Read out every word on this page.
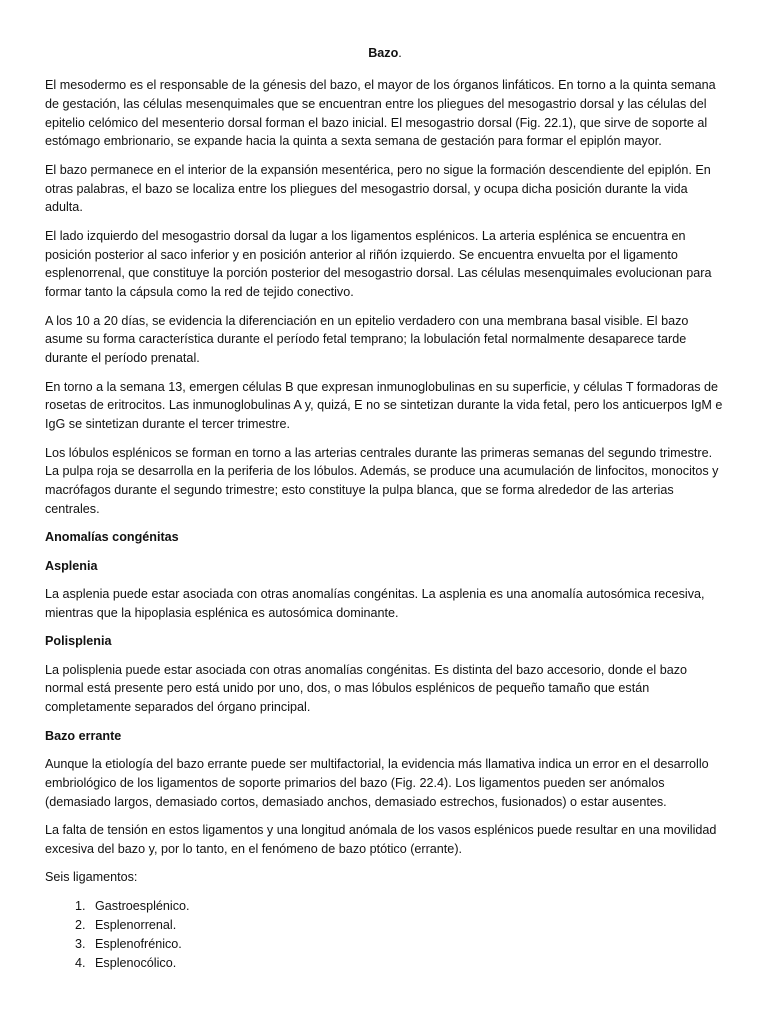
Bazo.

El mesodermo es el responsable de la génesis del bazo, el mayor de los órganos linfáticos. En torno a la quinta semana de gestación, las células mesenquimales que se encuentran entre los pliegues del mesogastrio dorsal y las células del epitelio celómico del mesenterio dorsal forman el bazo inicial. El mesogastrio dorsal (Fig. 22.1), que sirve de soporte al estómago embrionario, se expande hacia la quinta a sexta semana de gestación para formar el epiplón mayor.

El bazo permanece en el interior de la expansión mesentérica, pero no sigue la formación descendiente del epiplón. En otras palabras, el bazo se localiza entre los pliegues del mesogastrio dorsal, y ocupa dicha posición durante la vida adulta.

El lado izquierdo del mesogastrio dorsal da lugar a los ligamentos esplénicos. La arteria esplénica se encuentra en posición posterior al saco inferior y en posición anterior al riñón izquierdo. Se encuentra envuelta por el ligamento esplenorrenal, que constituye la porción posterior del mesogastrio dorsal. Las células mesenquimales evolucionan para formar tanto la cápsula como la red de tejido conectivo.

A los 10 a 20 días, se evidencia la diferenciación en un epitelio verdadero con una membrana basal visible. El bazo asume su forma característica durante el período fetal temprano; la lobulación fetal normalmente desaparece tarde durante el período prenatal.

En torno a la semana 13, emergen células B que expresan inmunoglobulinas en su superficie, y células T formadoras de rosetas de eritrocitos. Las inmunoglobulinas A y, quizá, E no se sintetizan durante la vida fetal, pero los anticuerpos IgM e IgG se sintetizan durante el tercer trimestre.

Los lóbulos esplénicos se forman en torno a las arterias centrales durante las primeras semanas del segundo trimestre. La pulpa roja se desarrolla en la periferia de los lóbulos. Además, se produce una acumulación de linfocitos, monocitos y macrófagos durante el segundo trimestre; esto constituye la pulpa blanca, que se forma alrededor de las arterias centrales.

Anomalías congénitas
Asplenia

La asplenia puede estar asociada con otras anomalías congénitas. La asplenia es una anomalía autosómica recesiva, mientras que la hipoplasia esplénica es autosómica dominante.

Polisplenia

La polisplenia puede estar asociada con otras anomalías congénitas. Es distinta del bazo accesorio, donde el bazo normal está presente pero está unido por uno, dos, o mas lóbulos esplénicos de pequeño tamaño que están completamente separados del órgano principal.

Bazo errante

Aunque la etiología del bazo errante puede ser multifactorial, la evidencia más llamativa indica un error en el desarrollo embriológico de los ligamentos de soporte primarios del bazo (Fig. 22.4). Los ligamentos pueden ser anómalos (demasiado largos, demasiado cortos, demasiado anchos, demasiado estrechos, fusionados) o estar ausentes.

La falta de tensión en estos ligamentos y una longitud anómala de los vasos esplénicos puede resultar en una movilidad excesiva del bazo y, por lo tanto, en el fenómeno de bazo ptótico (errante).

Seis ligamentos:

1. Gastroesplénico.
2. Esplenorrenal.
3. Esplenofrénico.
4. Esplenocólico.
